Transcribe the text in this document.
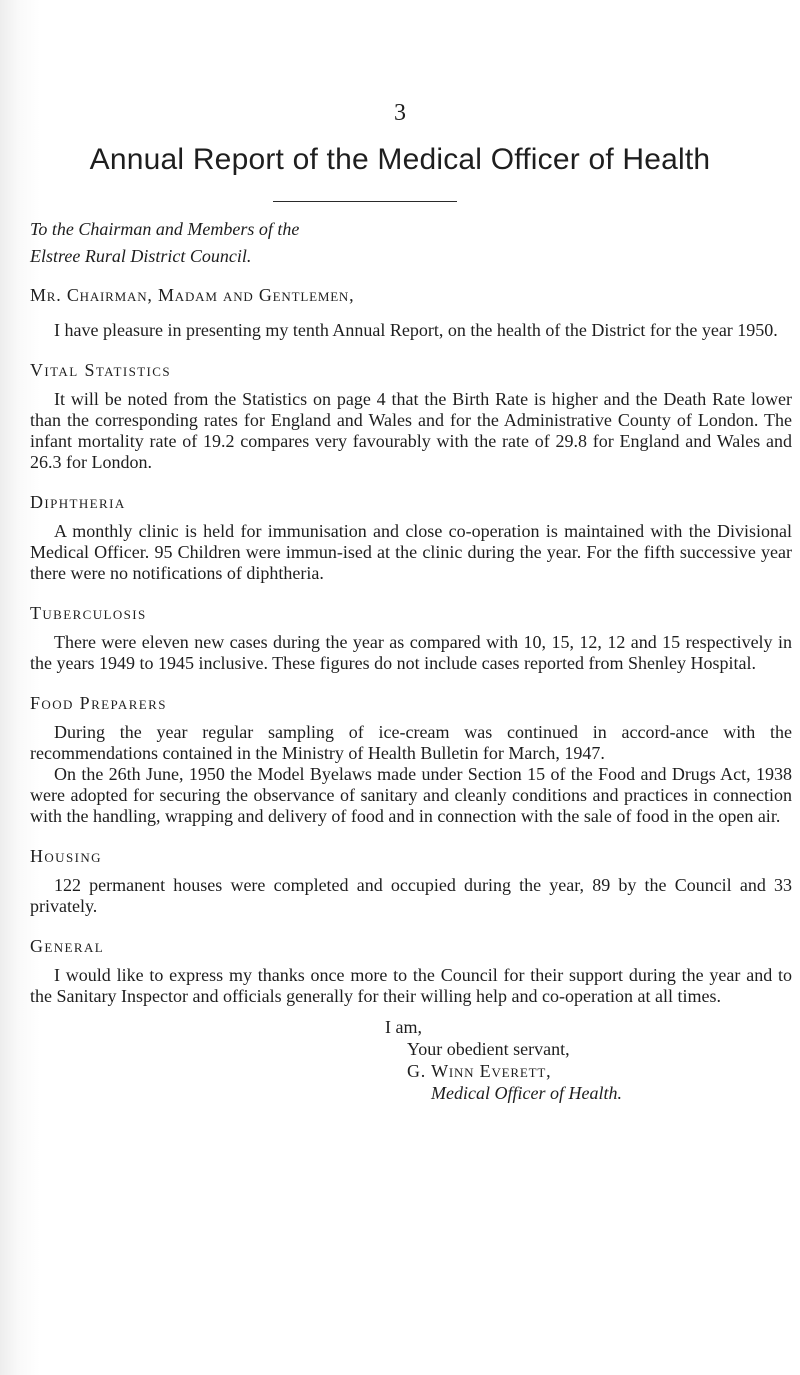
3
Annual Report of the Medical Officer of Health

To the Chairman and Members of the

Elstree Rural District Council.

Mr. Chairman, Madam and Gentlemen,

I have pleasure in presenting my tenth Annual Report, on the health of the District for the year 1950.

Vital Statistics

It will be noted from the Statistics on page 4 that the Birth Rate is higher and the Death Rate lower than the corresponding rates for England and Wales and for the Administrative County of London. The infant mortality rate of 19.2 compares very favourably with the rate of 29.8 for England and Wales and 26.3 for London.

Diphtheria

A monthly clinic is held for immunisation and close co-operation is maintained with the Divisional Medical Officer. 95 Children were immun-ised at the clinic during the year. For the fifth successive year there were no notifications of diphtheria.

Tuberculosis

There were eleven new cases during the year as compared with 10, 15, 12, 12 and 15 respectively in the years 1949 to 1945 inclusive. These figures do not include cases reported from Shenley Hospital.

Food Preparers

During the year regular sampling of ice-cream was continued in accord-ance with the recommendations contained in the Ministry of Health Bulletin for March, 1947.

On the 26th June, 1950 the Model Byelaws made under Section 15 of the Food and Drugs Act, 1938 were adopted for securing the observance of sanitary and cleanly conditions and practices in connection with the handling, wrapping and delivery of food and in connection with the sale of food in the open air.

Housing

122 permanent houses were completed and occupied during the year, 89 by the Council and 33 privately.

General

I would like to express my thanks once more to the Council for their support during the year and to the Sanitary Inspector and officials generally for their willing help and co-operation at all times.

I am,
Your obedient servant,
G. Winn Everett,
Medical Officer of Health.
